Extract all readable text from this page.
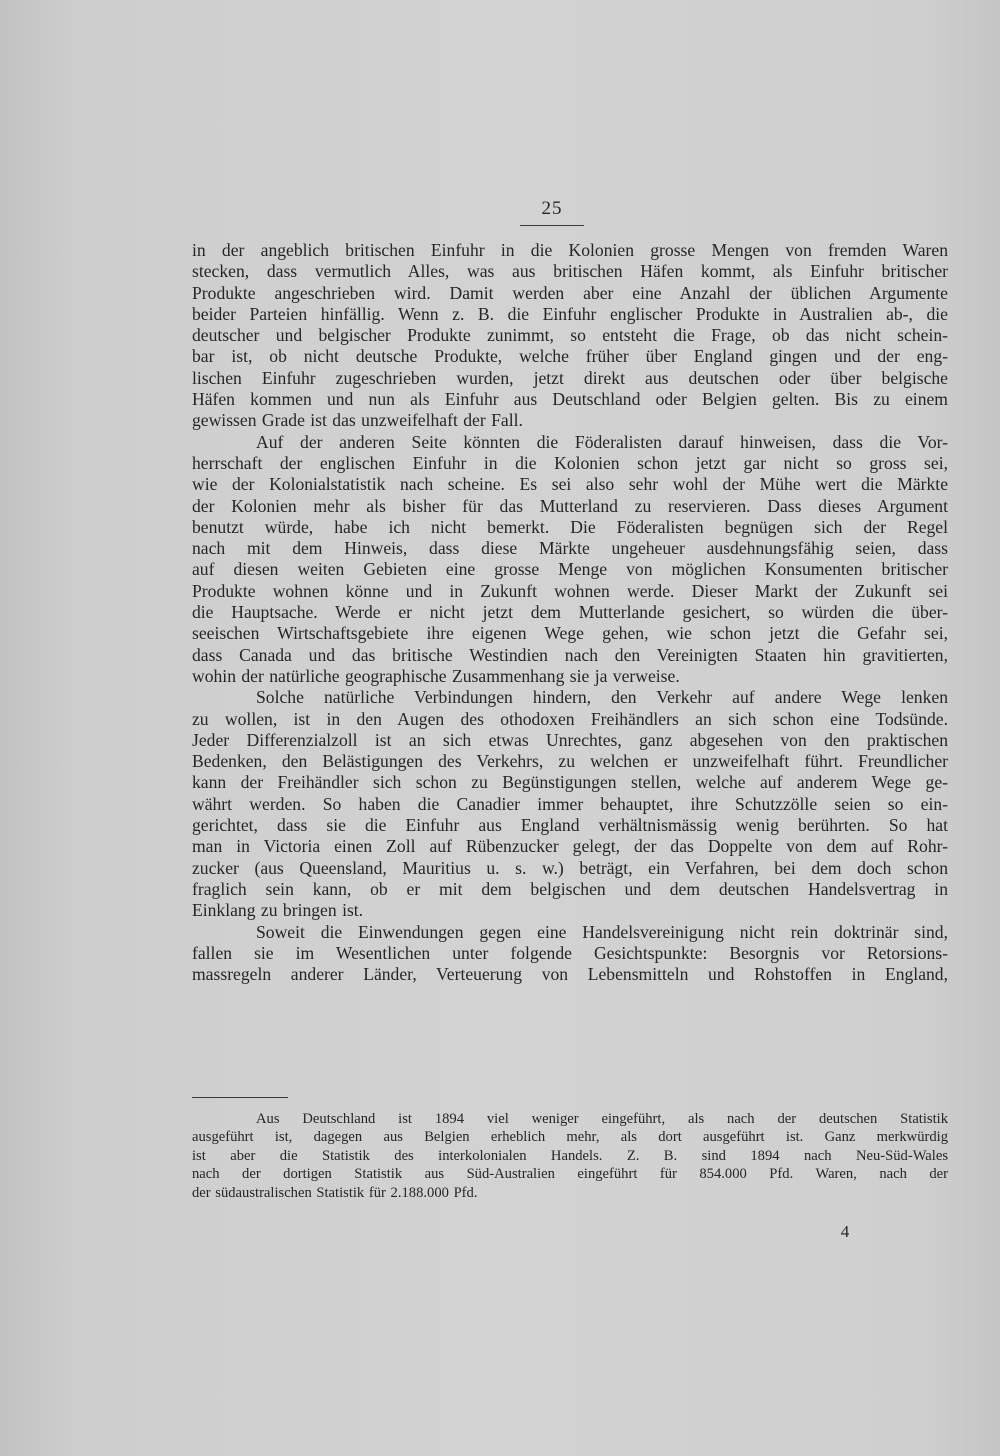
25
in der angeblich britischen Einfuhr in die Kolonien grosse Mengen von fremden Waren
stecken, dass vermutlich Alles, was aus britischen Häfen kommt, als Einfuhr britischer
Produkte angeschrieben wird. Damit werden aber eine Anzahl der üblichen Argumente
beider Parteien hinfällig. Wenn z. B. die Einfuhr englischer Produkte in Australien ab-, die
deutscher und belgischer Produkte zunimmt, so entsteht die Frage, ob das nicht schein-
bar ist, ob nicht deutsche Produkte, welche früher über England gingen und der eng-
lischen Einfuhr zugeschrieben wurden, jetzt direkt aus deutschen oder über belgische
Häfen kommen und nun als Einfuhr aus Deutschland oder Belgien gelten. Bis zu einem
gewissen Grade ist das unzweifelhaft der Fall.
Auf der anderen Seite könnten die Föderalisten darauf hinweisen, dass die Vor-
herrschaft der englischen Einfuhr in die Kolonien schon jetzt gar nicht so gross sei,
wie der Kolonialstatistik nach scheine. Es sei also sehr wohl der Mühe wert die Märkte
der Kolonien mehr als bisher für das Mutterland zu reservieren. Dass dieses Argument
benutzt würde, habe ich nicht bemerkt. Die Föderalisten begnügen sich der Regel
nach mit dem Hinweis, dass diese Märkte ungeheuer ausdehnungsfähig seien, dass
auf diesen weiten Gebieten eine grosse Menge von möglichen Konsumenten britischer
Produkte wohnen könne und in Zukunft wohnen werde. Dieser Markt der Zukunft sei
die Hauptsache. Werde er nicht jetzt dem Mutterlande gesichert, so würden die über-
seeischen Wirtschaftsgebiete ihre eigenen Wege gehen, wie schon jetzt die Gefahr sei,
dass Canada und das britische Westindien nach den Vereinigten Staaten hin gravitierten,
wohin der natürliche geographische Zusammenhang sie ja verweise.
Solche natürliche Verbindungen hindern, den Verkehr auf andere Wege lenken
zu wollen, ist in den Augen des othodoxen Freihändlers an sich schon eine Todsünde.
Jeder Differenzialzoll ist an sich etwas Unrechtes, ganz abgesehen von den praktischen
Bedenken, den Belästigungen des Verkehrs, zu welchen er unzweifelhaft führt. Freundlicher
kann der Freihändler sich schon zu Begünstigungen stellen, welche auf anderem Wege ge-
währt werden. So haben die Canadier immer behauptet, ihre Schutzzölle seien so ein-
gerichtet, dass sie die Einfuhr aus England verhältnismässig wenig berührten. So hat
man in Victoria einen Zoll auf Rübenzucker gelegt, der das Doppelte von dem auf Rohr-
zucker (aus Queensland, Mauritius u. s. w.) beträgt, ein Verfahren, bei dem doch schon
fraglich sein kann, ob er mit dem belgischen und dem deutschen Handelsvertrag in
Einklang zu bringen ist.
Soweit die Einwendungen gegen eine Handelsvereinigung nicht rein doktrinär sind,
fallen sie im Wesentlichen unter folgende Gesichtspunkte: Besorgnis vor Retorsions-
massregeln anderer Länder, Verteuerung von Lebensmitteln und Rohstoffen in England,
Aus Deutschland ist 1894 viel weniger eingeführt, als nach der deutschen Statistik
ausgeführt ist, dagegen aus Belgien erheblich mehr, als dort ausgeführt ist. Ganz merkwürdig
ist aber die Statistik des interkolonialen Handels. Z. B. sind 1894 nach Neu-Süd-Wales
nach der dortigen Statistik aus Süd-Australien eingeführt für 854.000 Pfd. Waren, nach der
der südaustralischen Statistik für 2.188.000 Pfd.
4
